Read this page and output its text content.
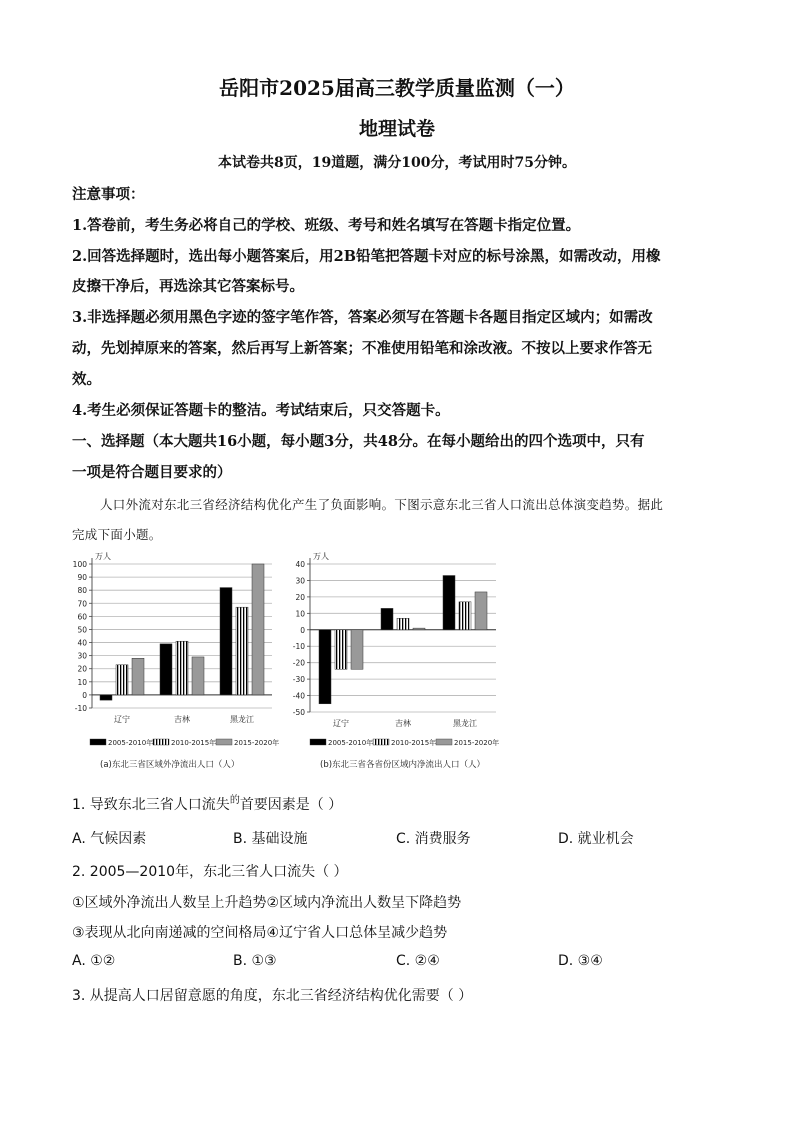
岳阳市2025届高三教学质量监测（一）
地理试卷
本试卷共8页，19道题，满分100分，考试用时75分钟。
注意事项：
1.答卷前，考生务必将自己的学校、班级、考号和姓名填写在答题卡指定位置。
2.回答选择题时，选出每小题答案后，用2B铅笔把答题卡对应的标号涂黑，如需改动，用橡
皮擦干净后，再选涂其它答案标号。
3.非选择题必须用黑色字迹的签字笔作答，答案必须写在答题卡各题目指定区域内；如需改
动，先划掉原来的答案，然后再写上新答案；不准使用铅笔和涂改液。不按以上要求作答无
效。
4.考生必须保证答题卡的整洁。考试结束后，只交答题卡。
一、选择题（本大题共16小题，每小题3分，共48分。在每小题给出的四个选项中，只有
一项是符合题目要求的）
人口外流对东北三省经济结构优化产生了负面影响。下图示意东北三省人口流出总体演变趋势。据此
完成下面小题。
100
90
80
70
60
50
40
30
20
10
0
-10
万人
辽宁	吉林	黑龙江
2005-2010年	2010-2015年	2015-2020年
(a)东北三省区域外净流出人口（人）
40
30
20
10
0
-10
-20
-30
-40
-50
万人
辽宁	吉林	黑龙江
2005-2010年	2010-2015年	2015-2020年
(b)东北三省各省份区域内净流出人口（人）
1. 导致东北三省人口流失$^的$首要因素是（ ）
A. 气候因素	B. 基础设施	C. 消费服务	D. 就业机会
2. 2005—2010年，东北三省人口流失（ ）
①区域外净流出人数呈上升趋势②区域内净流出人数呈下降趋势
③表现从北向南递减的空间格局④辽宁省人口总体呈减少趋势
A. ①②	B. ①③	C. ②④	D. ③④
3. 从提高人口居留意愿的角度，东北三省经济结构优化需要（ ）
